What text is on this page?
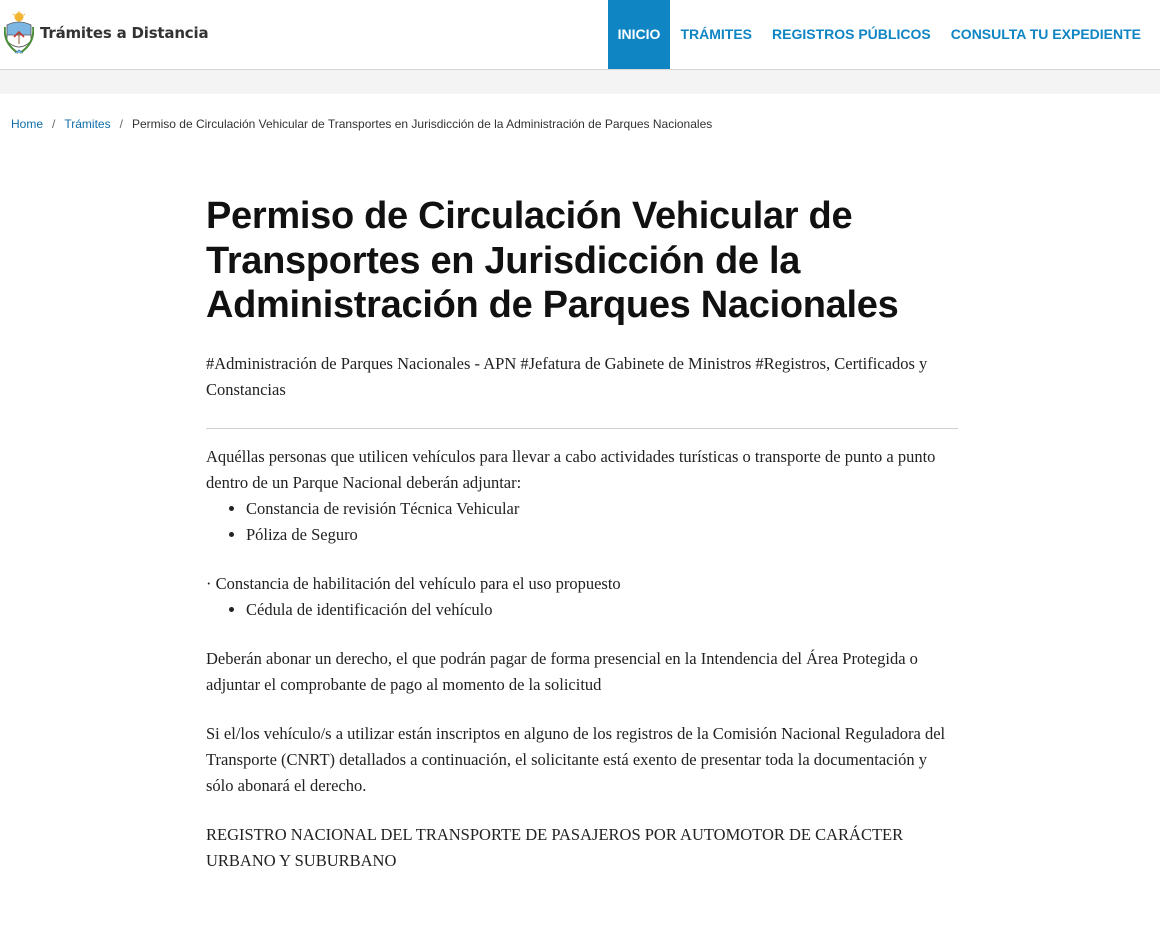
Trámites a Distancia	INICIO	TRÁMITES	REGISTROS PÚBLICOS	CONSULTA TU EXPEDIENTE
Home / Trámites / Permiso de Circulación Vehicular de Transportes en Jurisdicción de la Administración de Parques Nacionales
Permiso de Circulación Vehicular de Transportes en Jurisdicción de la Administración de Parques Nacionales

#Administración de Parques Nacionales - APN #Jefatura de Gabinete de Ministros #Registros, Certificados y Constancias

Aquéllas personas que utilicen vehículos para llevar a cabo actividades turísticas o transporte de punto a punto dentro de un Parque Nacional deberán adjuntar:

• Constancia de revisión Técnica Vehicular
• Póliza de Seguro

· Constancia de habilitación del vehículo para el uso propuesto

• Cédula de identificación del vehículo

Deberán abonar un derecho, el que podrán pagar de forma presencial en la Intendencia del Área Protegida o adjuntar el comprobante de pago al momento de la solicitud

Si el/los vehículo/s a utilizar están inscriptos en alguno de los registros de la Comisión Nacional Reguladora del Transporte (CNRT) detallados a continuación, el solicitante está exento de presentar toda la documentación y sólo abonará el derecho.

REGISTRO NACIONAL DEL TRANSPORTE DE PASAJEROS POR AUTOMOTOR DE CARÁCTER URBANO Y SUBURBANO
